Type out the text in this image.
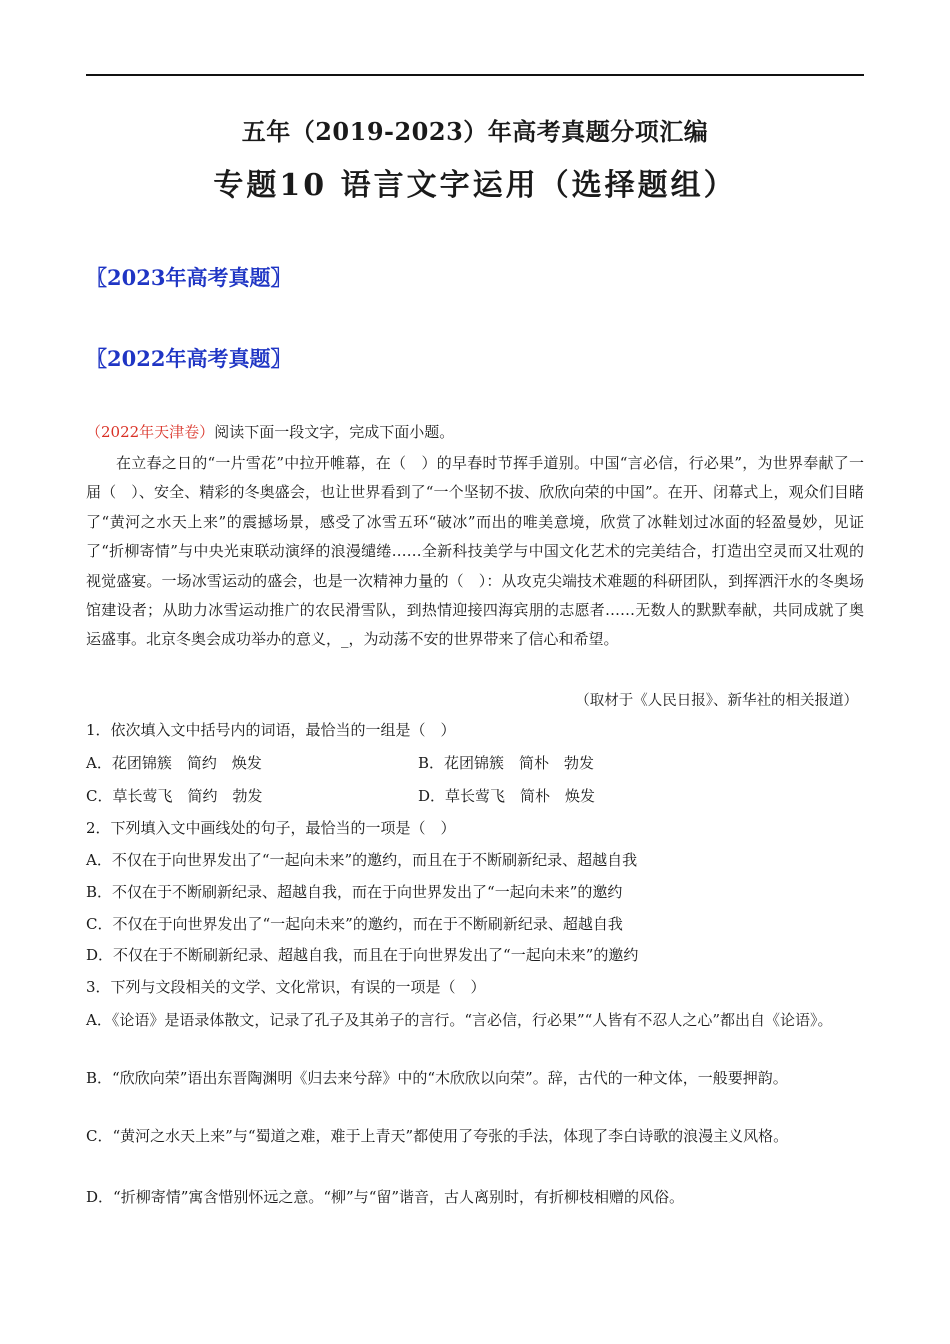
五年（2019-2023）年高考真题分项汇编
专题10 语言文字运用（选择题组）
〖2023年高考真题〗
〖2022年高考真题〗
（2022年天津卷）阅读下面一段文字，完成下面小题。

在立春之日的“一片雪花”中拉开帷幕，在（　）的早春时节挥手道别。中国“言必信，行必果”，为世界奉献了一届（　）、安全、精彩的冬奥盛会，也让世界看到了“一个坚韧不拔、欣欣向荣的中国”。在开、闭幕式上，观众们目睹了“黄河之水天上来”的震撼场景，感受了冰雪五环“破冰”而出的唯美意境，欣赏了冰鞋划过冰面的轻盈曼妙，见证了“折柳寄情”与中央光束联动演绎的浪漫缱绻……全新科技美学与中国文化艺术的完美结合，打造出空灵而又壮观的视觉盛宴。一场冰雪运动的盛会，也是一次精神力量的（　）：从攻克尖端技术难题的科研团队，到挥洒汗水的冬奥场馆建设者；从助力冰雪运动推广的农民滑雪队，到热情迎接四海宾朋的志愿者……无数人的默默奉献，共同成就了奥运盛事。北京冬奥会成功举办的意义，_，为动荡不安的世界带来了信心和希望。

（取材于《人民日报》、新华社的相关报道）
1．依次填入文中括号内的词语，最恰当的一组是（　）
A．花团锦簇　简约　焕发	B．花团锦簇　简朴　勃发
C．草长莺飞　简约　勃发	D．草长莺飞　简朴　焕发
2．下列填入文中画线处的句子，最恰当的一项是（　）
A．不仅在于向世界发出了“一起向未来”的邀约，而且在于不断刷新纪录、超越自我
B．不仅在于不断刷新纪录、超越自我，而在于向世界发出了“一起向未来”的邀约
C．不仅在于向世界发出了“一起向未来”的邀约，而在于不断刷新纪录、超越自我
D．不仅在于不断刷新纪录、超越自我，而且在于向世界发出了“一起向未来”的邀约
3．下列与文段相关的文学、文化常识，有误的一项是（　）

A．《论语》是语录体散文，记录了孔子及其弟子的言行。“言必信，行必果”“人皆有不忍人之心”都出自《论语》。

B．“欣欣向荣”语出东晋陶渊明《归去来兮辞》中的“木欣欣以向荣”。辞，古代的一种文体，一般要押韵。

C．“黄河之水天上来”与“蜀道之难，难于上青天”都使用了夸张的手法，体现了李白诗歌的浪漫主义风格。

D．“折柳寄情”寓含惜别怀远之意。“柳”与“留”谐音，古人离别时，有折柳枝相赠的风俗。
